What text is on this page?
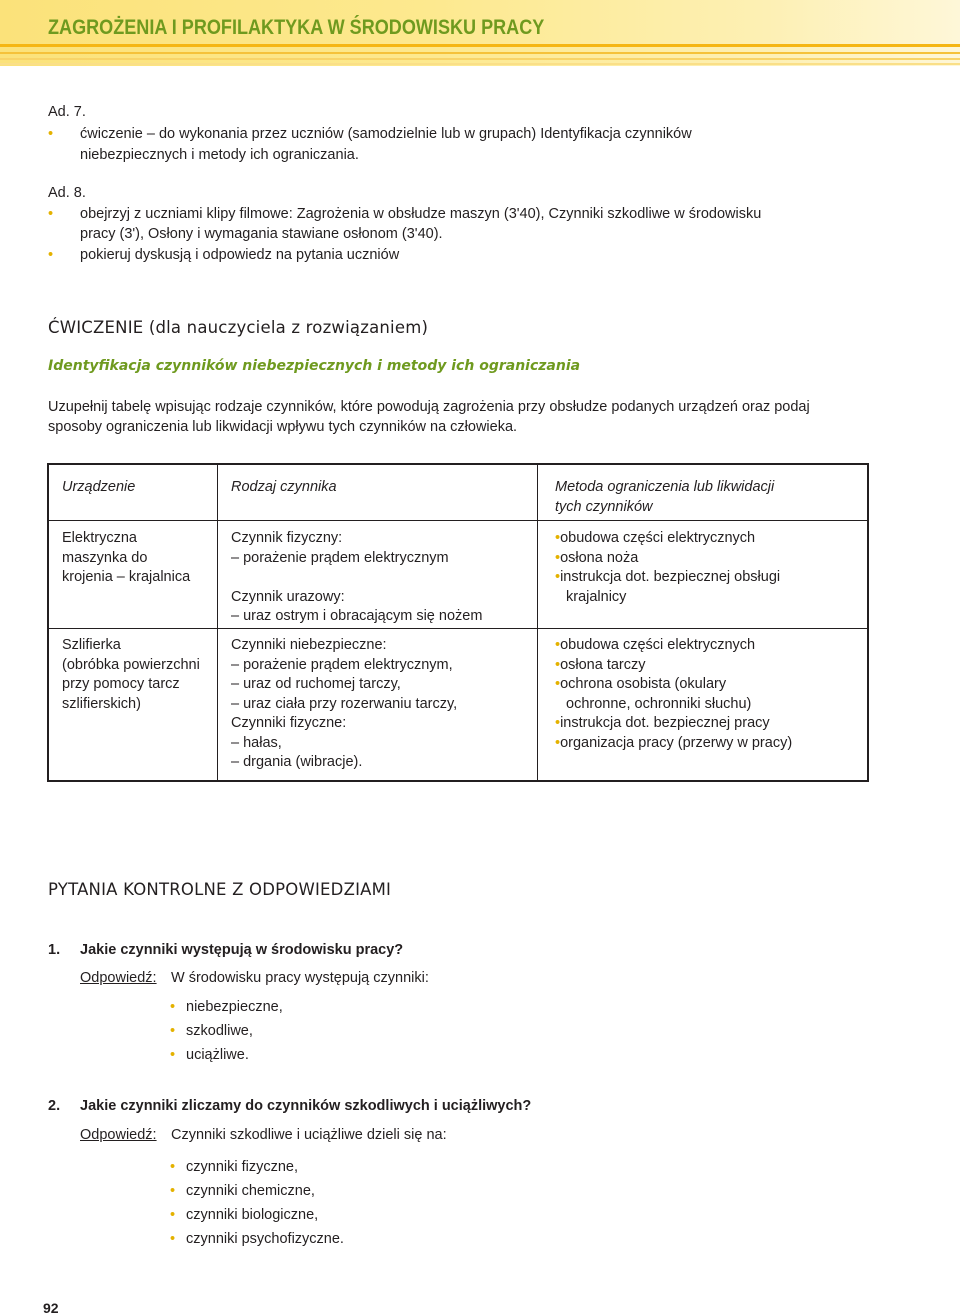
ZAGROŻENIA I PROFILAKTYKA W ŚRODOWISKU PRACY
Ad. 7.
• ćwiczenie – do wykonania przez uczniów (samodzielnie lub w grupach) Identyfikacja czynników
niebezpiecznych i metody ich ograniczania.
Ad. 8.
• obejrzyj z uczniami klipy filmowe: Zagrożenia w obsłudze maszyn (3'40), Czynniki szkodliwe w środowisku
pracy (3'), Osłony i wymagania stawiane osłonom (3'40).
• pokieruj dyskusją i odpowiedz na pytania uczniów
ĆWICZENIE (dla nauczyciela z rozwiązaniem)
Identyfikacja czynników niebezpiecznych i metody ich ograniczania
Uzupełnij tabelę wpisując rodzaje czynników, które powodują zagrożenia przy obsłudze podanych urządzeń oraz podaj
sposoby ograniczenia lub likwidacji wpływu tych czynników na człowieka.
Urządzenie	Rodzaj czynnika	Metoda ograniczenia lub likwidacji
tych czynników
Elektryczna
maszynka do
krojenia – krajalnica
Czynnik fizyczny:
– porażenie prądem elektrycznym
Czynnik urazowy:
– uraz ostrym i obracającym się nożem
•obudowa części elektrycznych
•osłona noża
•instrukcja dot. bezpiecznej obsługi
krajalnicy
Szlifierka
(obróbka powierzchni
przy pomocy tarcz
szlifierskich)
Czynniki niebezpieczne:
– porażenie prądem elektrycznym,
– uraz od ruchomej tarczy,
– uraz ciała przy rozerwaniu tarczy,
Czynniki fizyczne:
– hałas,
– drgania (wibracje).
•obudowa części elektrycznych
•osłona tarczy
•ochrona osobista (okulary
ochronne, ochronniki słuchu)
•instrukcja dot. bezpiecznej pracy
•organizacja pracy (przerwy w pracy)
PYTANIA KONTROLNE Z ODPOWIEDZIAMI
1. Jakie czynniki występują w środowisku pracy?
Odpowiedź: W środowisku pracy występują czynniki:
• niebezpieczne,
• szkodliwe,
• uciążliwe.
2. Jakie czynniki zliczamy do czynników szkodliwych i uciążliwych?
Odpowiedź: Czynniki szkodliwe i uciążliwe dzieli się na:
• czynniki fizyczne,
• czynniki chemiczne,
• czynniki biologiczne,
• czynniki psychofizyczne.
92
